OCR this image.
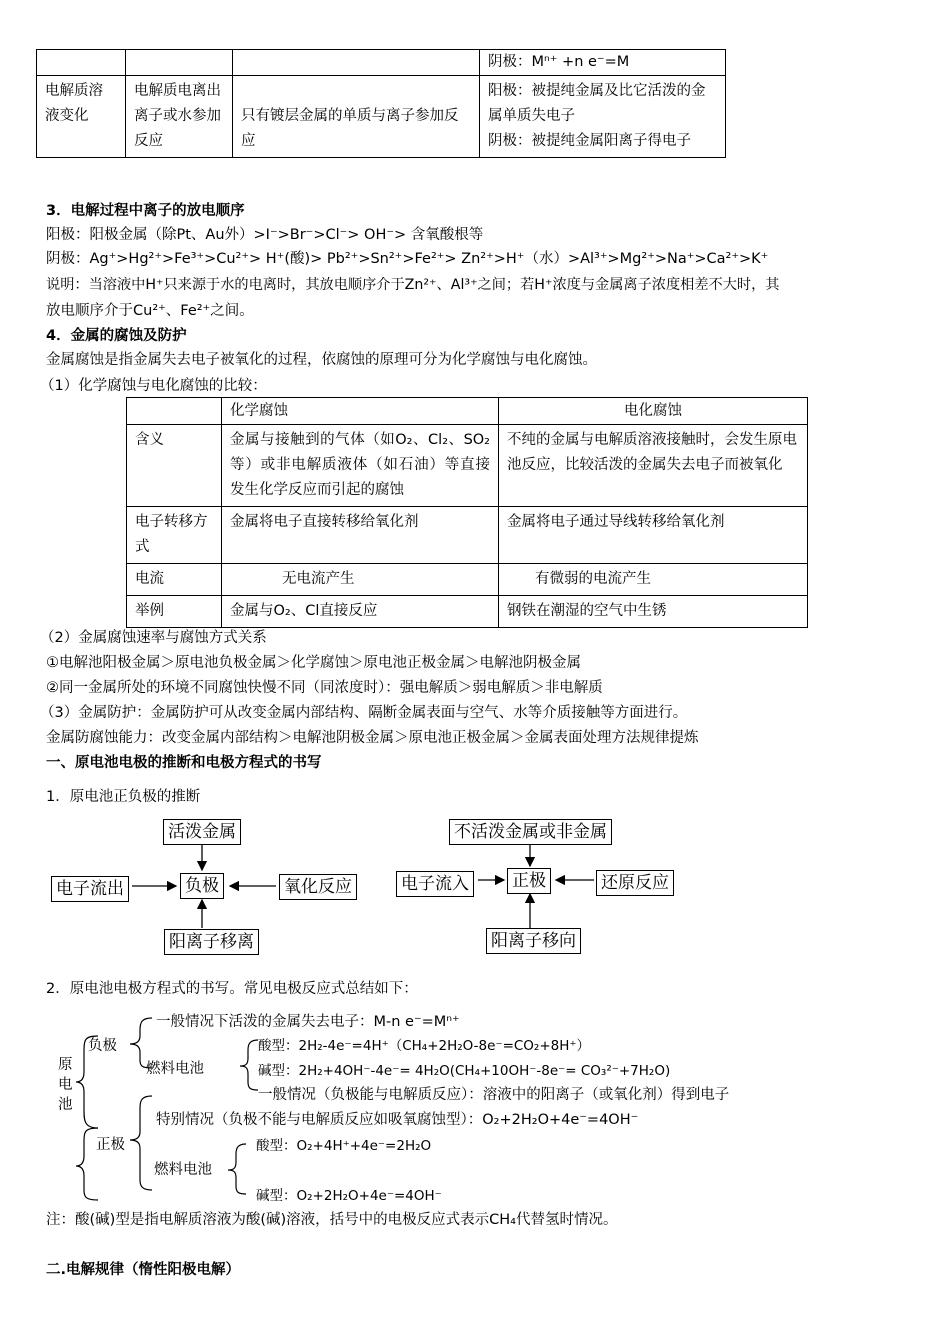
			阴极：Mⁿ⁺ +n e⁻=M
电解质溶液变化	电解质电离出离子或水参加反应	只有镀层金属的单质与离子参加反应	阳极：被提纯金属及比它活泼的金属单质失电子
阴极：被提纯金属阳离子得电子
3．电解过程中离子的放电顺序
阳极：阳极金属（除Pt、Au外）>I⁻>Br⁻>Cl⁻> OH⁻> 含氧酸根等
阴极：Ag⁺>Hg²⁺>Fe³⁺>Cu²⁺> H⁺(酸)> Pb²⁺>Sn²⁺>Fe²⁺> Zn²⁺>H⁺（水）>Al³⁺>Mg²⁺>Na⁺>Ca²⁺>K⁺
说明：当溶液中H⁺只来源于水的电离时，其放电顺序介于Zn²⁺、Al³⁺之间；若H⁺浓度与金属离子浓度相差不大时，其
放电顺序介于Cu²⁺、Fe²⁺之间。
4．金属的腐蚀及防护
金属腐蚀是指金属失去电子被氧化的过程，依腐蚀的原理可分为化学腐蚀与电化腐蚀。
（1）化学腐蚀与电化腐蚀的比较：
	化学腐蚀	电化腐蚀
含义	金属与接触到的气体（如O₂、Cl₂、SO₂等）或非电解质液体（如石油）等直接发生化学反应而引起的腐蚀	不纯的金属与电解质溶液接触时，会发生原电池反应，比较活泼的金属失去电子而被氧化
电子转移方式	金属将电子直接转移给氧化剂	金属将电子通过导线转移给氧化剂
电流	无电流产生	有微弱的电流产生
举例	金属与O₂、Cl直接反应	钢铁在潮湿的空气中生锈
（2）金属腐蚀速率与腐蚀方式关系
①电解池阳极金属＞原电池负极金属＞化学腐蚀＞原电池正极金属＞电解池阴极金属
②同一金属所处的环境不同腐蚀快慢不同（同浓度时）：强电解质＞弱电解质＞非电解质
（3）金属防护：金属防护可从改变金属内部结构、隔断金属表面与空气、水等介质接触等方面进行。
金属防腐蚀能力：改变金属内部结构＞电解池阴极金属＞原电池正极金属＞金属表面处理方法规律提炼
一、原电池电极的推断和电极方程式的书写
1．原电池正负极的推断
活泼金属
负极
电子流出	氧化反应
阳离子移离
不活泼金属或非金属
正极
电子流入	还原反应
阳离子移向
2．原电池电极方程式的书写。常见电极反应式总结如下：
原电池
负极
正极
一般情况下活泼的金属失去电子：M-n e⁻=Mⁿ⁺
燃料电池
酸型：2H₂-4e⁻=4H⁺（CH₄+2H₂O-8e⁻=CO₂+8H⁺）
碱型：2H₂+4OH⁻-4e⁻= 4H₂O(CH₄+10OH⁻-8e⁻= CO₃²⁻+7H₂O)
一般情况（负极能与电解质反应）：溶液中的阳离子（或氧化剂）得到电子
特别情况（负极不能与电解质反应如吸氧腐蚀型）：O₂+2H₂O+4e⁻=4OH⁻
燃料电池
酸型：O₂+4H⁺+4e⁻=2H₂O
碱型：O₂+2H₂O+4e⁻=4OH⁻
注：酸(碱)型是指电解质溶液为酸(碱)溶液，括号中的电极反应式表示CH₄代替氢时情况。
二.电解规律（惰性阳极电解）
